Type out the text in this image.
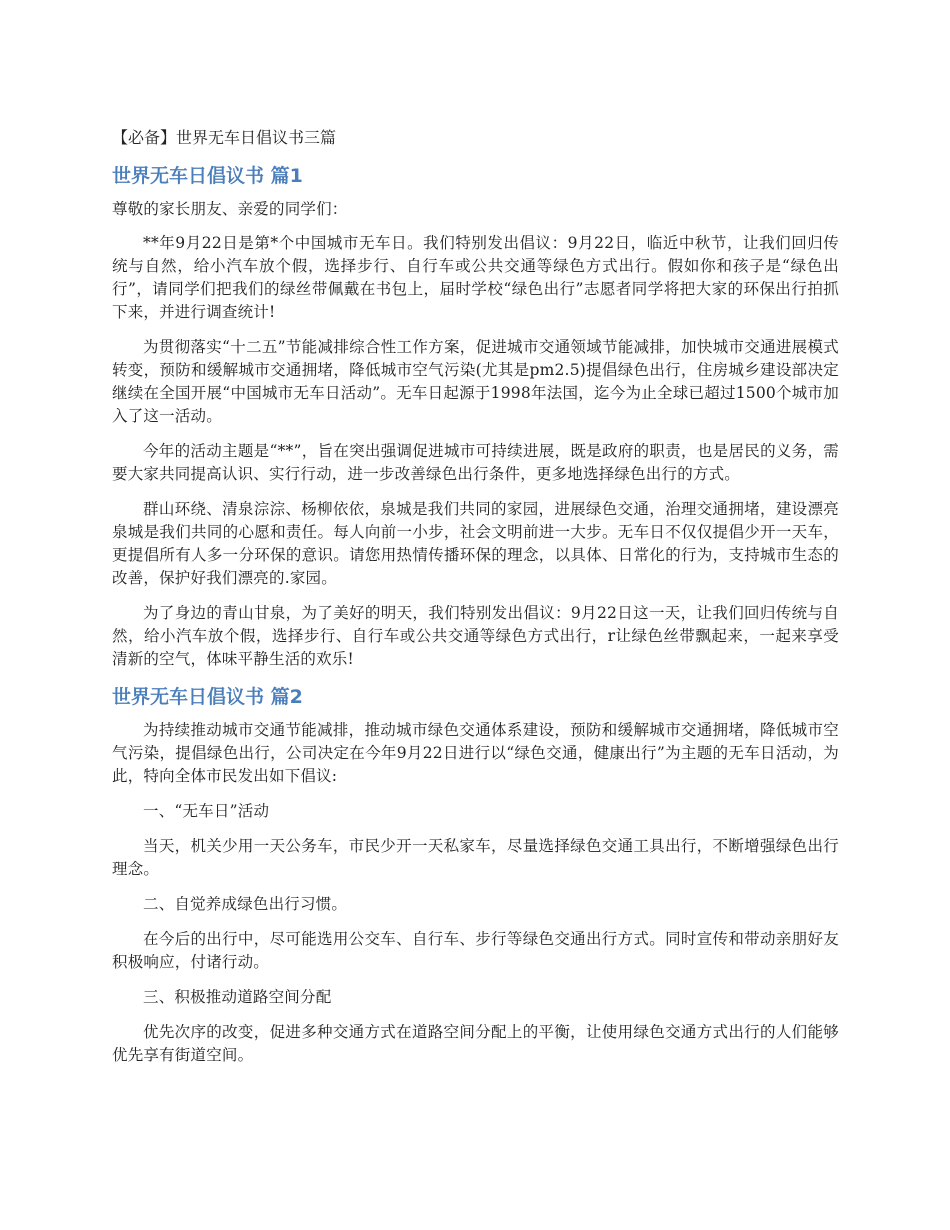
【必备】世界无车日倡议书三篇
世界无车日倡议书 篇1

尊敬的家长朋友、亲爱的同学们：

**年9月22日是第*个中国城市无车日。我们特别发出倡议：9月22日，临近中秋节，让我们回归传统与自然，给小汽车放个假，选择步行、自行车或公共交通等绿色方式出行。假如你和孩子是“绿色出行”，请同学们把我们的绿丝带佩戴在书包上，届时学校“绿色出行”志愿者同学将把大家的环保出行拍抓下来，并进行调查统计!

为贯彻落实“十二五”节能减排综合性工作方案，促进城市交通领域节能减排，加快城市交通进展模式转变，预防和缓解城市交通拥堵，降低城市空气污染(尤其是pm2.5)提倡绿色出行，住房城乡建设部决定继续在全国开展“中国城市无车日活动”。无车日起源于1998年法国，迄今为止全球已超过1500个城市加入了这一活动。

今年的活动主题是“**”，旨在突出强调促进城市可持续进展，既是政府的职责，也是居民的义务，需要大家共同提高认识、实行行动，进一步改善绿色出行条件，更多地选择绿色出行的方式。

群山环绕、清泉淙淙、杨柳依依，泉城是我们共同的家园，进展绿色交通，治理交通拥堵，建设漂亮泉城是我们共同的心愿和责任。每人向前一小步，社会文明前进一大步。无车日不仅仅提倡少开一天车，更提倡所有人多一分环保的意识。请您用热情传播环保的理念，以具体、日常化的行为，支持城市生态的改善，保护好我们漂亮的.家园。

为了身边的青山甘泉，为了美好的明天，我们特别发出倡议：9月22日这一天，让我们回归传统与自然，给小汽车放个假，选择步行、自行车或公共交通等绿色方式出行，r让绿色丝带飘起来，一起来享受清新的空气，体味平静生活的欢乐!

世界无车日倡议书 篇2

为持续推动城市交通节能减排，推动城市绿色交通体系建设，预防和缓解城市交通拥堵，降低城市空气污染，提倡绿色出行，公司决定在今年9月22日进行以“绿色交通，健康出行”为主题的无车日活动，为此，特向全体市民发出如下倡议:

一、“无车日”活动

当天，机关少用一天公务车，市民少开一天私家车，尽量选择绿色交通工具出行，不断增强绿色出行理念。

二、自觉养成绿色出行习惯。

在今后的出行中，尽可能选用公交车、自行车、步行等绿色交通出行方式。同时宣传和带动亲朋好友积极响应，付诸行动。

三、积极推动道路空间分配

优先次序的改变，促进多种交通方式在道路空间分配上的平衡，让使用绿色交通方式出行的人们能够优先享有街道空间。
